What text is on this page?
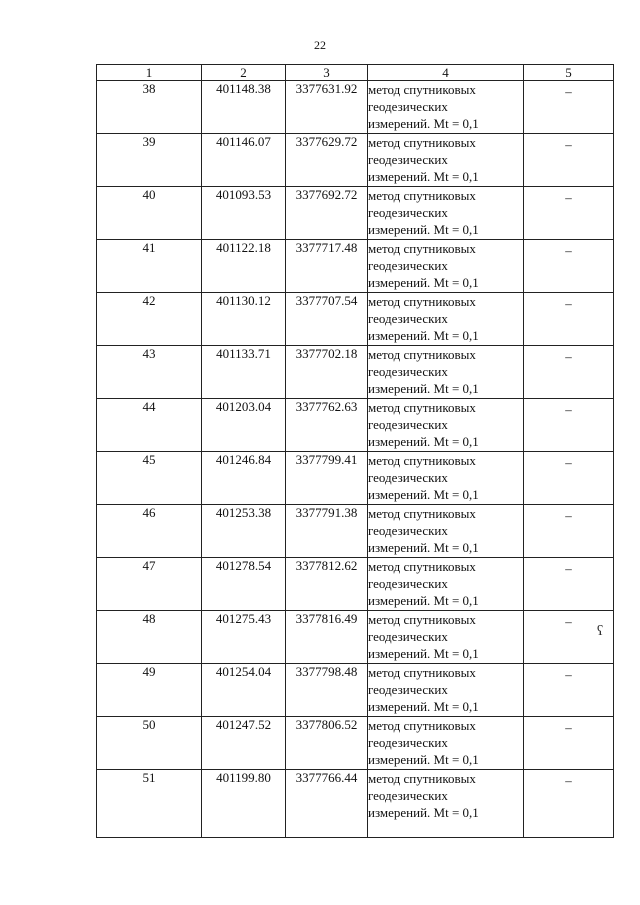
22
1	2	3	4	5
38	401148.38	3377631.92	метод спутниковых
геодезических
измерений. Mt = 0,1	–
39	401146.07	3377629.72	метод спутниковых
геодезических
измерений. Mt = 0,1	–
40	401093.53	3377692.72	метод спутниковых
геодезических
измерений. Mt = 0,1	–
41	401122.18	3377717.48	метод спутниковых
геодезических
измерений. Mt = 0,1	–
42	401130.12	3377707.54	метод спутниковых
геодезических
измерений. Mt = 0,1	–
43	401133.71	3377702.18	метод спутниковых
геодезических
измерений. Mt = 0,1	–
44	401203.04	3377762.63	метод спутниковых
геодезических
измерений. Mt = 0,1	–
45	401246.84	3377799.41	метод спутниковых
геодезических
измерений. Mt = 0,1	–
46	401253.38	3377791.38	метод спутниковых
геодезических
измерений. Mt = 0,1	–
47	401278.54	3377812.62	метод спутниковых
геодезических
измерений. Mt = 0,1	–
48	401275.43	3377816.49	метод спутниковых
геодезических
измерений. Mt = 0,1	–
49	401254.04	3377798.48	метод спутниковых
геодезических
измерений. Mt = 0,1	–
50	401247.52	3377806.52	метод спутниковых
геодезических
измерений. Mt = 0,1	–
51	401199.80	3377766.44	метод спутниковых
геодезических
измерений. Mt = 0,1	–
ʕ
